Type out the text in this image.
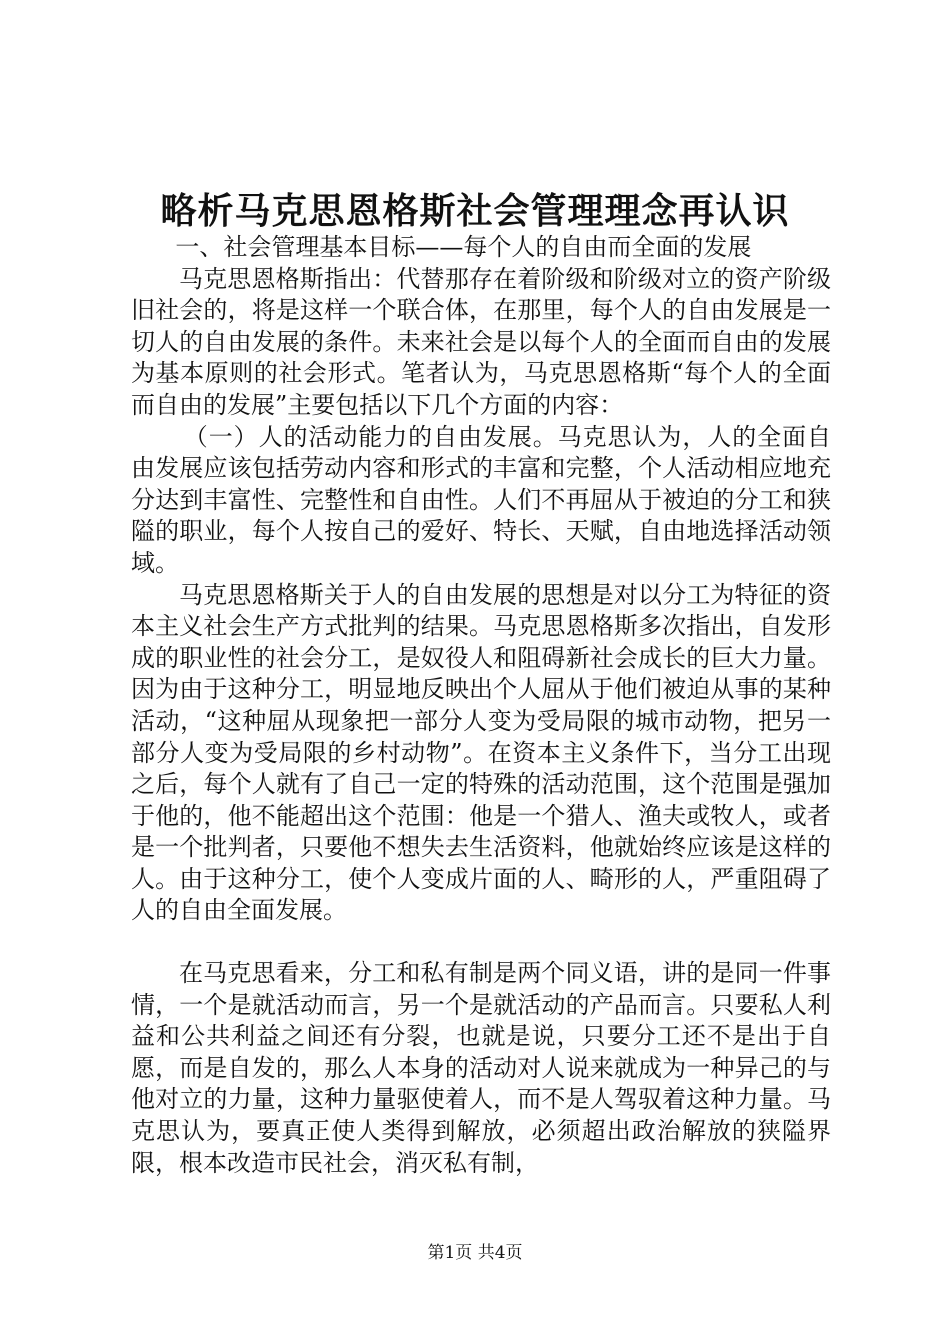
略析马克思恩格斯社会管理理念再认识

一、社会管理基本目标——每个人的自由而全面的发展

马克思恩格斯指出：代替那存在着阶级和阶级对立的资产阶级旧社会的，将是这样一个联合体，在那里，每个人的自由发展是一切人的自由发展的条件。未来社会是以每个人的全面而自由的发展为基本原则的社会形式。笔者认为，马克思恩格斯“每个人的全面而自由的发展”主要包括以下几个方面的内容：

（一）人的活动能力的自由发展。马克思认为，人的全面自由发展应该包括劳动内容和形式的丰富和完整，个人活动相应地充分达到丰富性、完整性和自由性。人们不再屈从于被迫的分工和狭隘的职业，每个人按自己的爱好、特长、天赋，自由地选择活动领域。

马克思恩格斯关于人的自由发展的思想是对以分工为特征的资本主义社会生产方式批判的结果。马克思恩格斯多次指出，自发形成的职业性的社会分工，是奴役人和阻碍新社会成长的巨大力量。因为由于这种分工，明显地反映出个人屈从于他们被迫从事的某种活动，“这种屈从现象把一部分人变为受局限的城市动物，把另一部分人变为受局限的乡村动物”。在资本主义条件下，当分工出现之后，每个人就有了自己一定的特殊的活动范围，这个范围是强加于他的，他不能超出这个范围：他是一个猎人、渔夫或牧人，或者是一个批判者，只要他不想失去生活资料，他就始终应该是这样的人。由于这种分工，使个人变成片面的人、畸形的人，严重阻碍了人的自由全面发展。

在马克思看来，分工和私有制是两个同义语，讲的是同一件事情，一个是就活动而言，另一个是就活动的产品而言。只要私人利益和公共利益之间还有分裂，也就是说，只要分工还不是出于自愿，而是自发的，那么人本身的活动对人说来就成为一种异己的与他对立的力量，这种力量驱使着人，而不是人驾驭着这种力量。马克思认为，要真正使人类得到解放，必须超出政治解放的狭隘界限，根本改造市民社会，消灭私有制，

第1页 共4页
